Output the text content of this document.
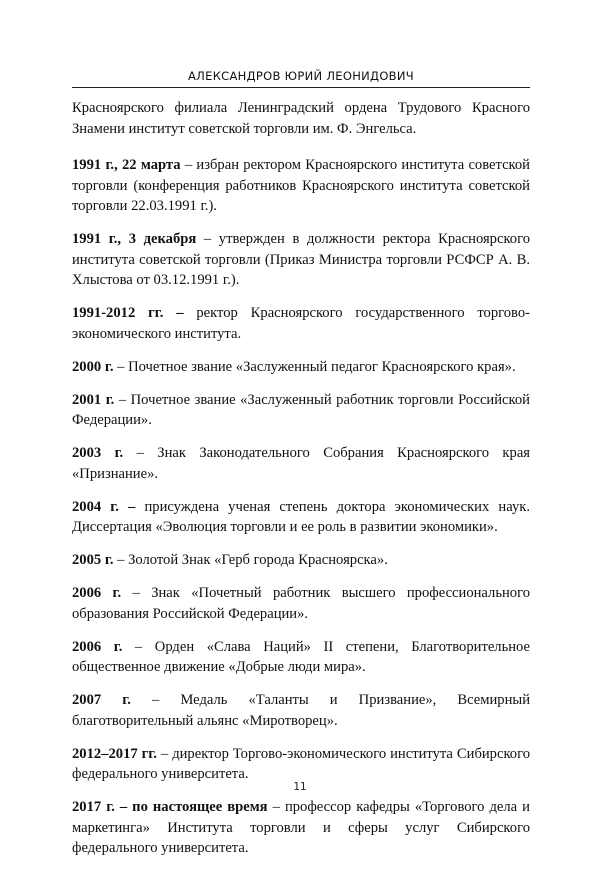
АЛЕКСАНДРОВ ЮРИЙ ЛЕОНИДОВИЧ

Красноярского филиала Ленинградский ордена Трудового Красного Знамени институт советской торговли им. Ф. Энгельса.

1991 г., 22 марта – избран ректором Красноярского института советской торговли (конференция работников Красноярского института советской торговли 22.03.1991 г.).

1991 г., 3 декабря – утвержден в должности ректора Красноярского института советской торговли (Приказ Министра торговли РСФСР А. В. Хлыстова от 03.12.1991 г.).

1991-2012 гг. – ректор Красноярского государственного торгово-экономического института.

2000 г. – Почетное звание «Заслуженный педагог Красноярского края».

2001 г. – Почетное звание «Заслуженный работник торговли Российской Федерации».

2003 г. – Знак Законодательного Собрания Красноярского края «Признание».

2004 г. – присуждена ученая степень доктора экономических наук. Диссертация «Эволюция торговли и ее роль в развитии экономики».

2005 г. – Золотой Знак «Герб города Красноярска».

2006 г. – Знак «Почетный работник высшего профессионального образования Российской Федерации».

2006 г. – Орден «Слава Наций» II степени, Благотворительное общественное движение «Добрые люди мира».

2007 г. – Медаль «Таланты и Призвание», Всемирный благотворительный альянс «Миротворец».

2012–2017 гг. – директор Торгово-экономического института Сибирского федерального университета.

2017 г. – по настоящее время – профессор кафедры «Торгового дела и маркетинга» Института торговли и сферы услуг Сибирского федерального университета.

11
